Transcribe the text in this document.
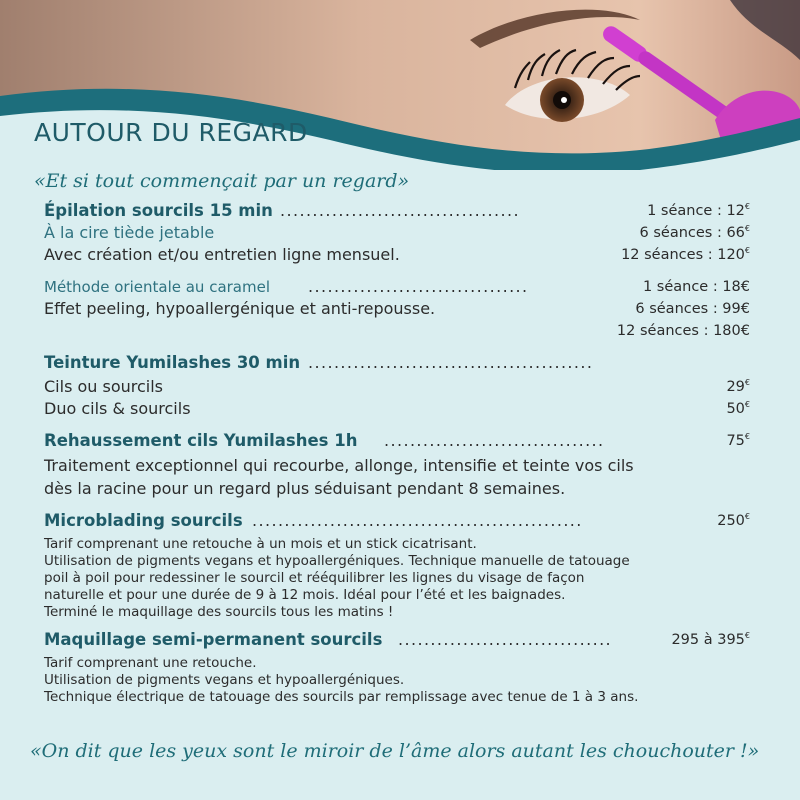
AUTOUR DU REGARD
«Et si tout commençait par un regard»
Épilation sourcils 15 min .....................................	1 séance : 12€
À la cire tiède jetable	6 séances : 66€
Avec création et/ou entretien ligne mensuel.	12 séances : 120€
Méthode orientale au caramel ..................................	1 séance : 18€
Effet peeling, hypoallergénique et anti-repousse.	6 séances : 99€
12 séances : 180€
Teinture Yumilashes 30 min ............................................
Cils ou sourcils	29€
Duo cils & sourcils	50€
Rehaussement cils Yumilashes 1h ..................................	75€
Traitement exceptionnel qui recourbe, allonge, intensifie et teinte vos cils
dès la racine pour un regard plus séduisant pendant 8 semaines.
Microblading sourcils ...................................................	250€
Tarif comprenant une retouche à un mois et un stick cicatrisant.
Utilisation de pigments vegans et hypoallergéniques. Technique manuelle de tatouage
poil à poil pour redessiner le sourcil et rééquilibrer les lignes du visage de façon
naturelle et pour une durée de 9 à 12 mois. Idéal pour l’été et les baignades.
Terminé le maquillage des sourcils tous les matins !
Maquillage semi-permanent sourcils .................................	295 à 395€
Tarif comprenant une retouche.
Utilisation de pigments vegans et hypoallergéniques.
Technique électrique de tatouage des sourcils par remplissage avec tenue de 1 à 3 ans.
«On dit que les yeux sont le miroir de l’âme alors autant les chouchouter !»
